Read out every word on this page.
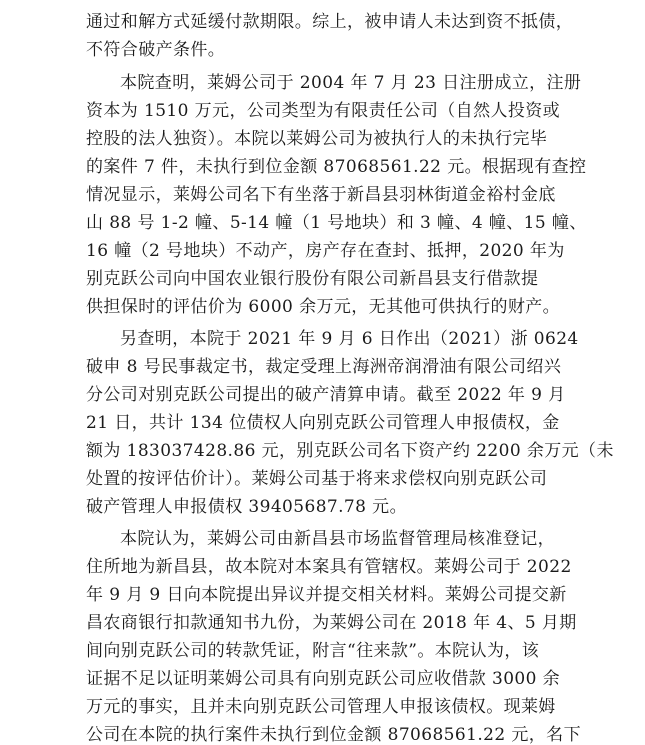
通过和解方式延缓付款期限。综上，被申请人未达到资不抵债，
不符合破产条件。
本院查明，莱姆公司于 2004 年 7 月 23 日注册成立，注册
资本为 1510 万元，公司类型为有限责任公司（自然人投资或
控股的法人独资）。本院以莱姆公司为被执行人的未执行完毕
的案件 7 件，未执行到位金额 87068561.22 元。根据现有查控
情况显示，莱姆公司名下有坐落于新昌县羽林街道金裕村金底
山 88 号 1-2 幢、5-14 幢（1 号地块）和 3 幢、4 幢、15 幢、
16 幢（2 号地块）不动产，房产存在查封、抵押，2020 年为
别克跃公司向中国农业银行股份有限公司新昌县支行借款提
供担保时的评估价为 6000 余万元，无其他可供执行的财产。
另查明，本院于 2021 年 9 月 6 日作出（2021）浙 0624
破申 8 号民事裁定书，裁定受理上海洲帝润滑油有限公司绍兴
分公司对别克跃公司提出的破产清算申请。截至 2022 年 9 月
21 日，共计 134 位债权人向别克跃公司管理人申报债权，金
额为 183037428.86 元，别克跃公司名下资产约 2200 余万元（未
处置的按评估价计）。莱姆公司基于将来求偿权向别克跃公司
破产管理人申报债权 39405687.78 元。
本院认为，莱姆公司由新昌县市场监督管理局核准登记，
住所地为新昌县，故本院对本案具有管辖权。莱姆公司于 2022
年 9 月 9 日向本院提出异议并提交相关材料。莱姆公司提交新
昌农商银行扣款通知书九份，为莱姆公司在 2018 年 4、5 月期
间向别克跃公司的转款凭证，附言“往来款”。本院认为，该
证据不足以证明莱姆公司具有向别克跃公司应收借款 3000 余
万元的事实，且并未向别克跃公司管理人申报该债权。现莱姆
公司在本院的执行案件未执行到位金额 87068561.22 元，名下
